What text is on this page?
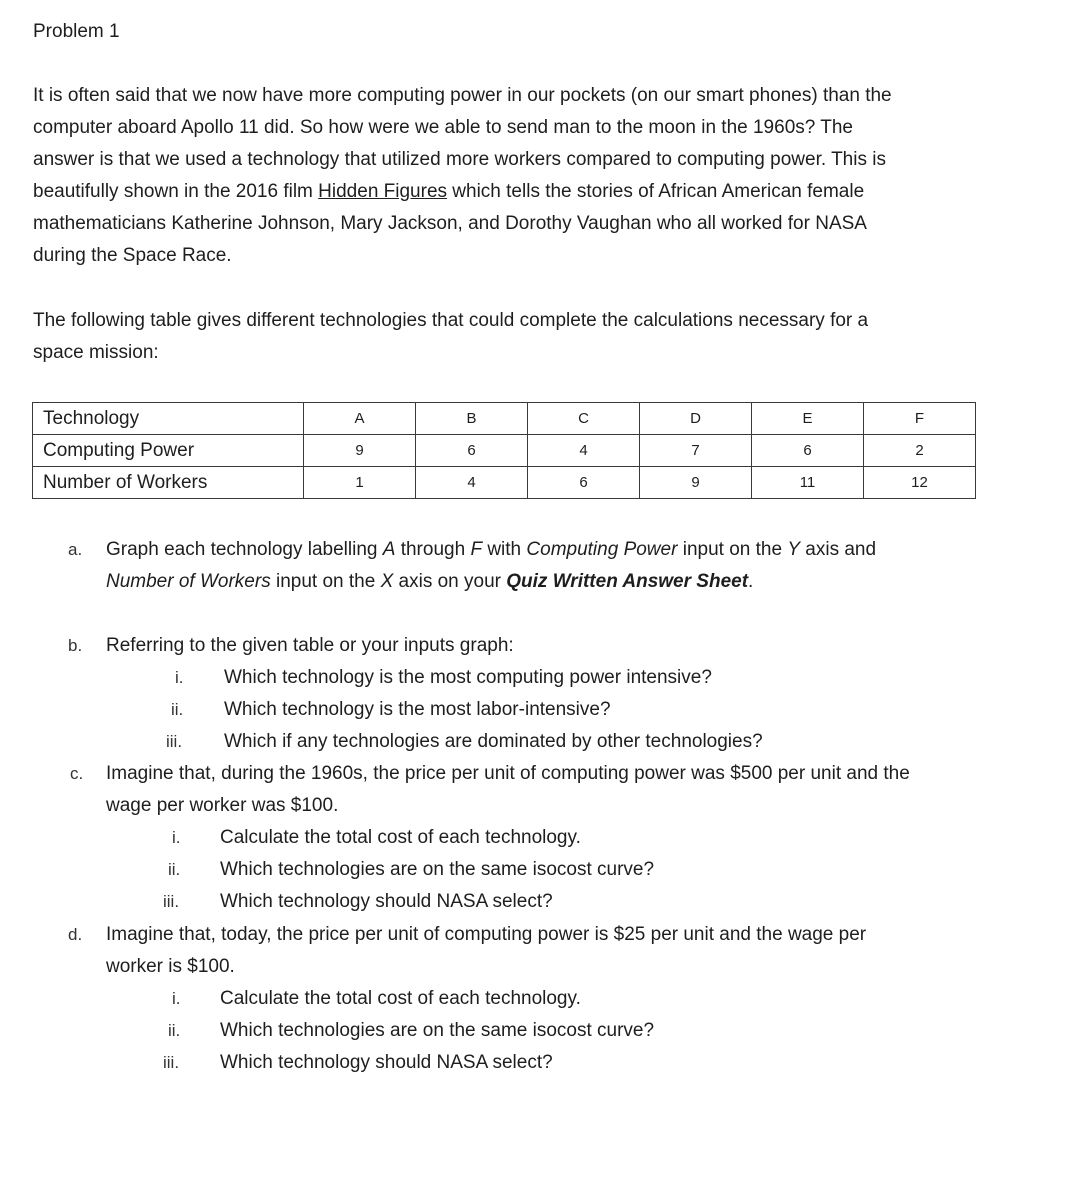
Problem 1
It is often said that we now have more computing power in our pockets (on our smart phones) than the
computer aboard Apollo 11 did. So how were we able to send man to the moon in the 1960s? The
answer is that we used a technology that utilized more workers compared to computing power. This is
beautifully shown in the 2016 film Hidden Figures which tells the stories of African American female
mathematicians Katherine Johnson, Mary Jackson, and Dorothy Vaughan who all worked for NASA
during the Space Race.
The following table gives different technologies that could complete the calculations necessary for a
space mission:
Technology	A	B	C	D	E	F
Computing Power	9	6	4	7	6	2
Number of Workers	1	4	6	9	11	12
a. Graph each technology labelling A through F with Computing Power input on the Y axis and
Number of Workers input on the X axis on your Quiz Written Answer Sheet.
b. Referring to the given table or your inputs graph:
i. Which technology is the most computing power intensive?
ii. Which technology is the most labor-intensive?
iii. Which if any technologies are dominated by other technologies?
c. Imagine that, during the 1960s, the price per unit of computing power was $500 per unit and the
wage per worker was $100.
i. Calculate the total cost of each technology.
ii. Which technologies are on the same isocost curve?
iii. Which technology should NASA select?
d. Imagine that, today, the price per unit of computing power is $25 per unit and the wage per
worker is $100.
i. Calculate the total cost of each technology.
ii. Which technologies are on the same isocost curve?
iii. Which technology should NASA select?
